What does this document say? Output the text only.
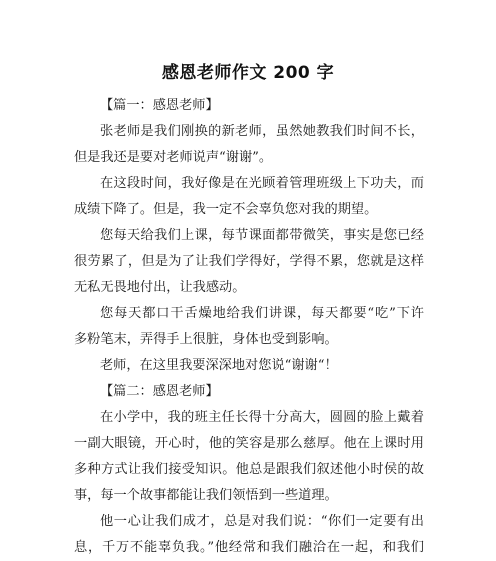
感恩老师作文 200 字
【篇一：感恩老师】
张老师是我们刚换的新老师，虽然她教我们时间不长，
但是我还是要对老师说声“谢谢”。
在这段时间，我好像是在光顾着管理班级上下功夫，而
成绩下降了。但是，我一定不会辜负您对我的期望。
您每天给我们上课，每节课面都带微笑，事实是您已经
很劳累了，但是为了让我们学得好，学得不累，您就是这样
无私无畏地付出，让我感动。
您每天都口干舌燥地给我们讲课，每天都要“吃”下许
多粉笔末，弄得手上很脏，身体也受到影响。
老师，在这里我要深深地对您说“谢谢“！
【篇二：感恩老师】
在小学中，我的班主任长得十分高大，圆圆的脸上戴着
一副大眼镜，开心时，他的笑容是那么慈厚。他在上课时用
多种方式让我们接受知识。他总是跟我们叙述他小时侯的故
事，每一个故事都能让我们领悟到一些道理。
他一心让我们成才，总是对我们说：“你们一定要有出
息，千万不能辜负我。”他经常和我们融洽在一起，和我们
